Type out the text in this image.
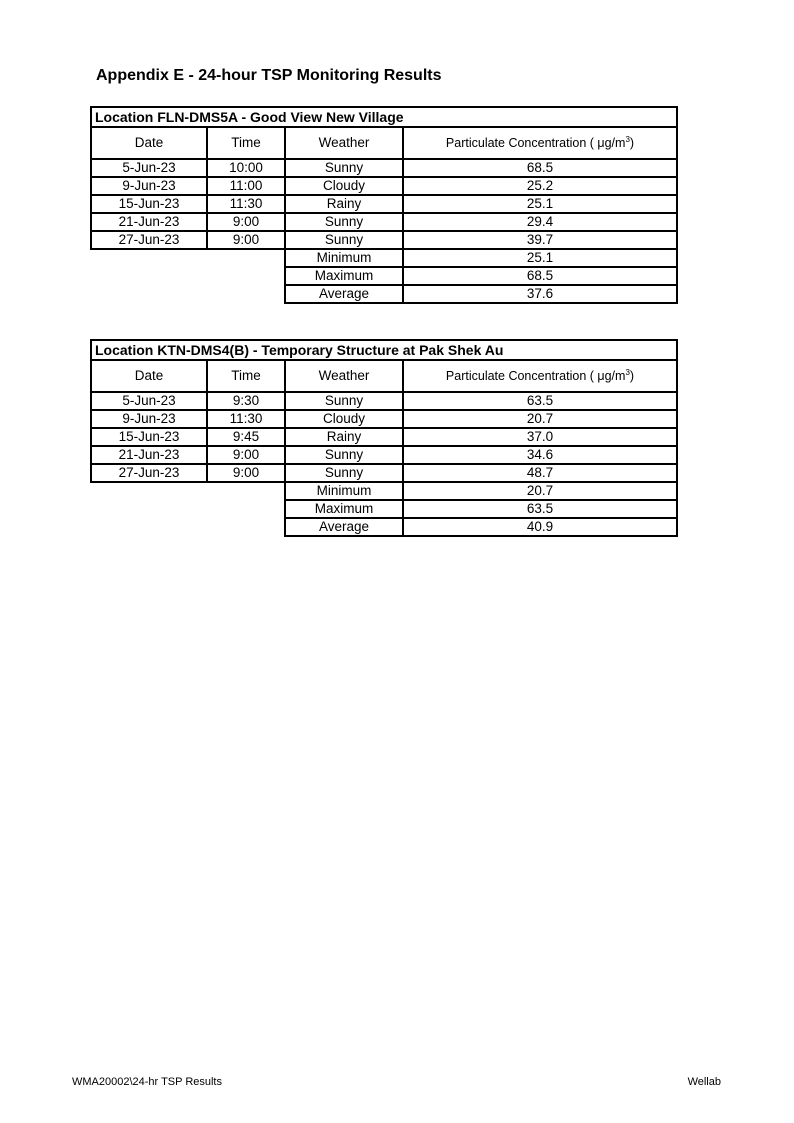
Appendix E - 24-hour TSP Monitoring Results
Location FLN-DMS5A - Good View New Village			
Date	Time	Weather	Particulate Concentration ( $\mu g/m^3$)
5-Jun-23	10:00	Sunny	68.5
9-Jun-23	11:00	Cloudy	25.2
15-Jun-23	11:30	Rainy	25.1
21-Jun-23	9:00	Sunny	29.4
27-Jun-23	9:00	Sunny	39.7
		Minimum	25.1
		Maximum	68.5
		Average	37.6
Location KTN-DMS4(B) - Temporary Structure at Pak Shek Au			
Date	Time	Weather	Particulate Concentration ( $\mu g/m^3$)
5-Jun-23	9:30	Sunny	63.5
9-Jun-23	11:30	Cloudy	20.7
15-Jun-23	9:45	Rainy	37.0
21-Jun-23	9:00	Sunny	34.6
27-Jun-23	9:00	Sunny	48.7
		Minimum	20.7
		Maximum	63.5
		Average	40.9
WMA20002\24-hr TSP Results	Wellab
